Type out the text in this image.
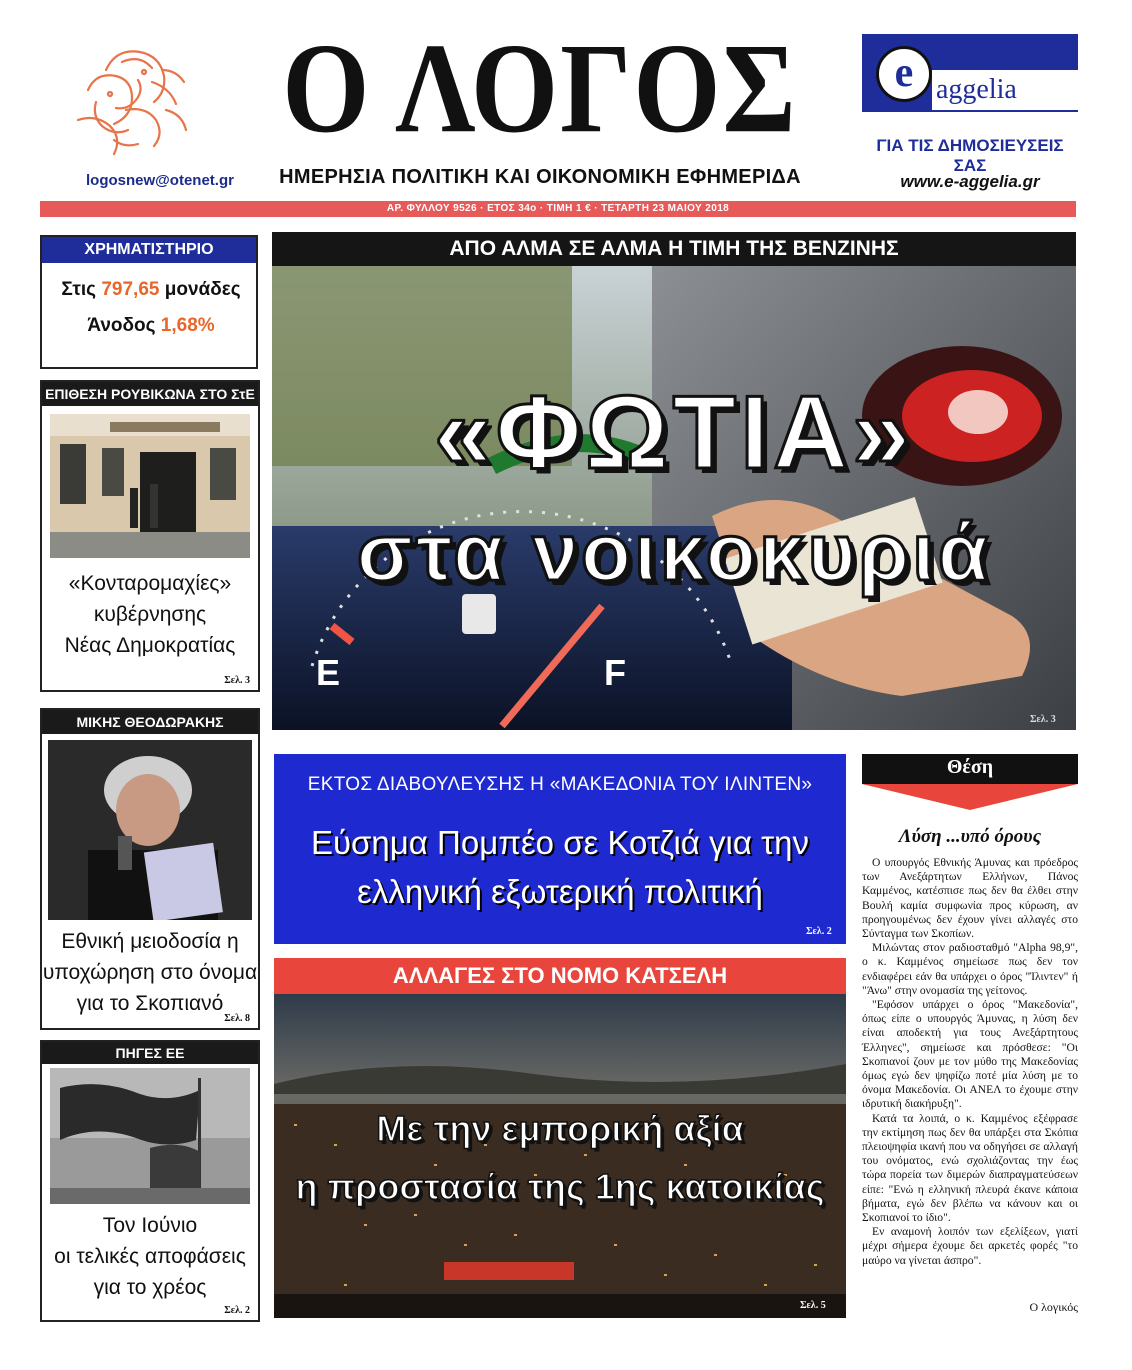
logosnew@otenet.gr
Ο ΛΟΓΟΣ
ΗΜΕΡΗΣΙΑ ΠΟΛΙΤΙΚΗ ΚΑΙ ΟΙΚΟΝΟΜΙΚΗ ΕΦΗΜΕΡΙΔΑ
e aggelia
ΓΙΑ ΤΙΣ ΔΗΜΟΣΙΕΥΣΕΙΣ ΣΑΣ
www.e-aggelia.gr
ΑΡ. ΦΥΛΛΟΥ 9526 · ΕΤΟΣ 34ο · ΤΙΜΗ 1 € · ΤΕΤΑΡΤΗ 23 ΜΑΙΟΥ 2018
ΧΡΗΜΑΤΙΣΤΗΡΙΟ
Στις 797,65 μονάδες
Άνοδος 1,68%
ΕΠΙΘΕΣΗ ΡΟΥΒΙΚΩΝΑ ΣΤΟ ΣτΕ
«Κονταρομαχίες»
κυβέρνησης
Νέας Δημοκρατίας
Σελ. 3
ΜΙΚΗΣ ΘΕΟΔΩΡΑΚΗΣ
Εθνική μειοδοσία η
υποχώρηση στο όνομα
για το Σκοπιανό
Σελ. 8
ΠΗΓΕΣ ΕΕ
Τον Ιούνιο
οι τελικές αποφάσεις
για το χρέος
Σελ. 2
ΑΠΟ ΑΛΜΑ ΣΕ ΑΛΜΑ Η ΤΙΜΗ ΤΗΣ ΒΕΝΖΙΝΗΣ
E	F
«ΦΩΤΙΑ»
στα νοικοκυριά
Σελ. 3
ΕΚΤΟΣ ΔΙΑΒΟΥΛΕΥΣΗΣ Η «ΜΑΚΕΔΟΝΙΑ ΤΟΥ ΙΛΙΝΤΕΝ»
Εύσημα Πομπέο σε Κοτζιά για την
ελληνική εξωτερική πολιτική
Σελ. 2
ΑΛΛΑΓΕΣ ΣΤΟ ΝΟΜΟ ΚΑΤΣΕΛΗ
Με την εμπορική αξία
η προστασία της 1ης κατοικίας
Σελ. 5
Θέση
Λύση ...υπό όρους

Ο υπουργός Εθνικής Άμυνας και πρόεδρος των Ανεξάρτητων Ελλήνων, Πάνος Καμμένος, κατέσπισε πως δεν θα έλθει στην Βουλή καμία συμφωνία προς κύρωση, αν προηγουμένως δεν έχουν γίνει αλλαγές στο Σύνταγμα των Σκοπίων.

Μιλώντας στον ραδιοσταθμό "Alpha 98,9", ο κ. Καμμένος σημείωσε πως δεν τον ενδιαφέρει εάν θα υπάρχει ο όρος "Ίλιντεν" ή "Άνω" στην ονομασία της γείτονος.

"Εφόσον υπάρχει ο όρος "Μακεδονία", όπως είπε ο υπουργός Άμυνας, η λύση δεν είναι αποδεκτή για τους Ανεξάρτητους Έλληνες", σημείωσε και πρόσθεσε: "Οι Σκοπιανοί ζουν με τον μύθο της Μακεδονίας όμως εγώ δεν ψηφίζω ποτέ μία λύση με το όνομα Μακεδονία. Οι ΑΝΕΛ το έχουμε στην ιδρυτική διακήρυξη".

Κατά τα λοιπά, ο κ. Καμμένος εξέφρασε την εκτίμηση πως δεν θα υπάρξει στα Σκόπια πλειοψηφία ικανή που να οδηγήσει σε αλλαγή του ονόματος, ενώ σχολιάζοντας την έως τώρα πορεία των διμερών διαπραγματεύσεων είπε: "Ενώ η ελληνική πλευρά έκανε κάποια βήματα, εγώ δεν βλέπω να κάνουν και οι Σκοπιανοί το ίδιο".

Εν αναμονή λοιπόν των εξελίξεων, γιατί μέχρι σήμερα έχουμε δει αρκετές φορές "το μαύρο να γίνεται άσπρο".

Ο λογικός
